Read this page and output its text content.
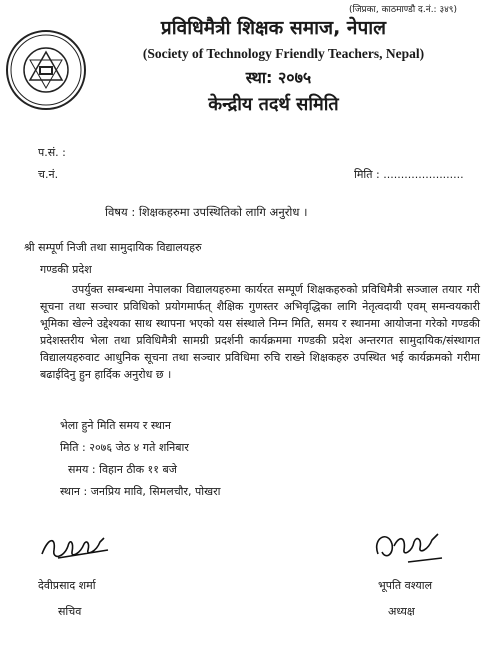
(जिप्रका, काठमाण्डौ द.नं.: ३४९)
प्रविधिमैत्री शिक्षक समाज, नेपाल
(Society of Technology Friendly Teachers, Nepal)
स्था: २०७५
केन्द्रीय तदर्थ समिति
प.सं. :
च.नं.	मिति : .......................
विषय : शिक्षकहरुमा उपस्थितिको लागि अनुरोध ।
श्री सम्पूर्ण निजी तथा सामुदायिक विद्यालयहरु
गण्डकी प्रदेश

उपर्युक्त सम्बन्धमा नेपालका विद्यालयहरुमा कार्यरत सम्पूर्ण शिक्षकहरुको प्रविधिमैत्री सञ्जाल तयार गरी सूचना तथा सञ्चार प्रविधिको प्रयोगमार्फत् शैक्षिक गुणस्तर अभिवृद्धिका लागि नेतृत्वदायी एवम् समन्वयकारी भूमिका खेल्ने उद्देश्यका साथ स्थापना भएको यस संस्थाले निम्न मिति, समय र स्थानमा आयोजना गरेको गण्डकी प्रदेशस्तरीय भेला तथा प्रविधिमैत्री सामग्री प्रदर्शनी कार्यक्रममा गण्डकी प्रदेश अन्तरगत सामुदायिक/संस्थागत विद्यालयहरुवाट आधुनिक सूचना तथा सञ्चार प्रविधिमा रुचि राख्ने शिक्षकहरु उपस्थित भई कार्यक्रमको गरीमा बढाईदिनु हुन हार्दिक अनुरोध छ ।

भेला हुने मिति समय र स्थान
मिति : २०७६ जेठ ४ गते शनिबार
समय : विहान ठीक ११ बजे
स्थान : जनप्रिय मावि, सिमलचौर, पोखरा
देवीप्रसाद शर्मा
सचिव
भूपति वश्याल
अध्यक्ष
